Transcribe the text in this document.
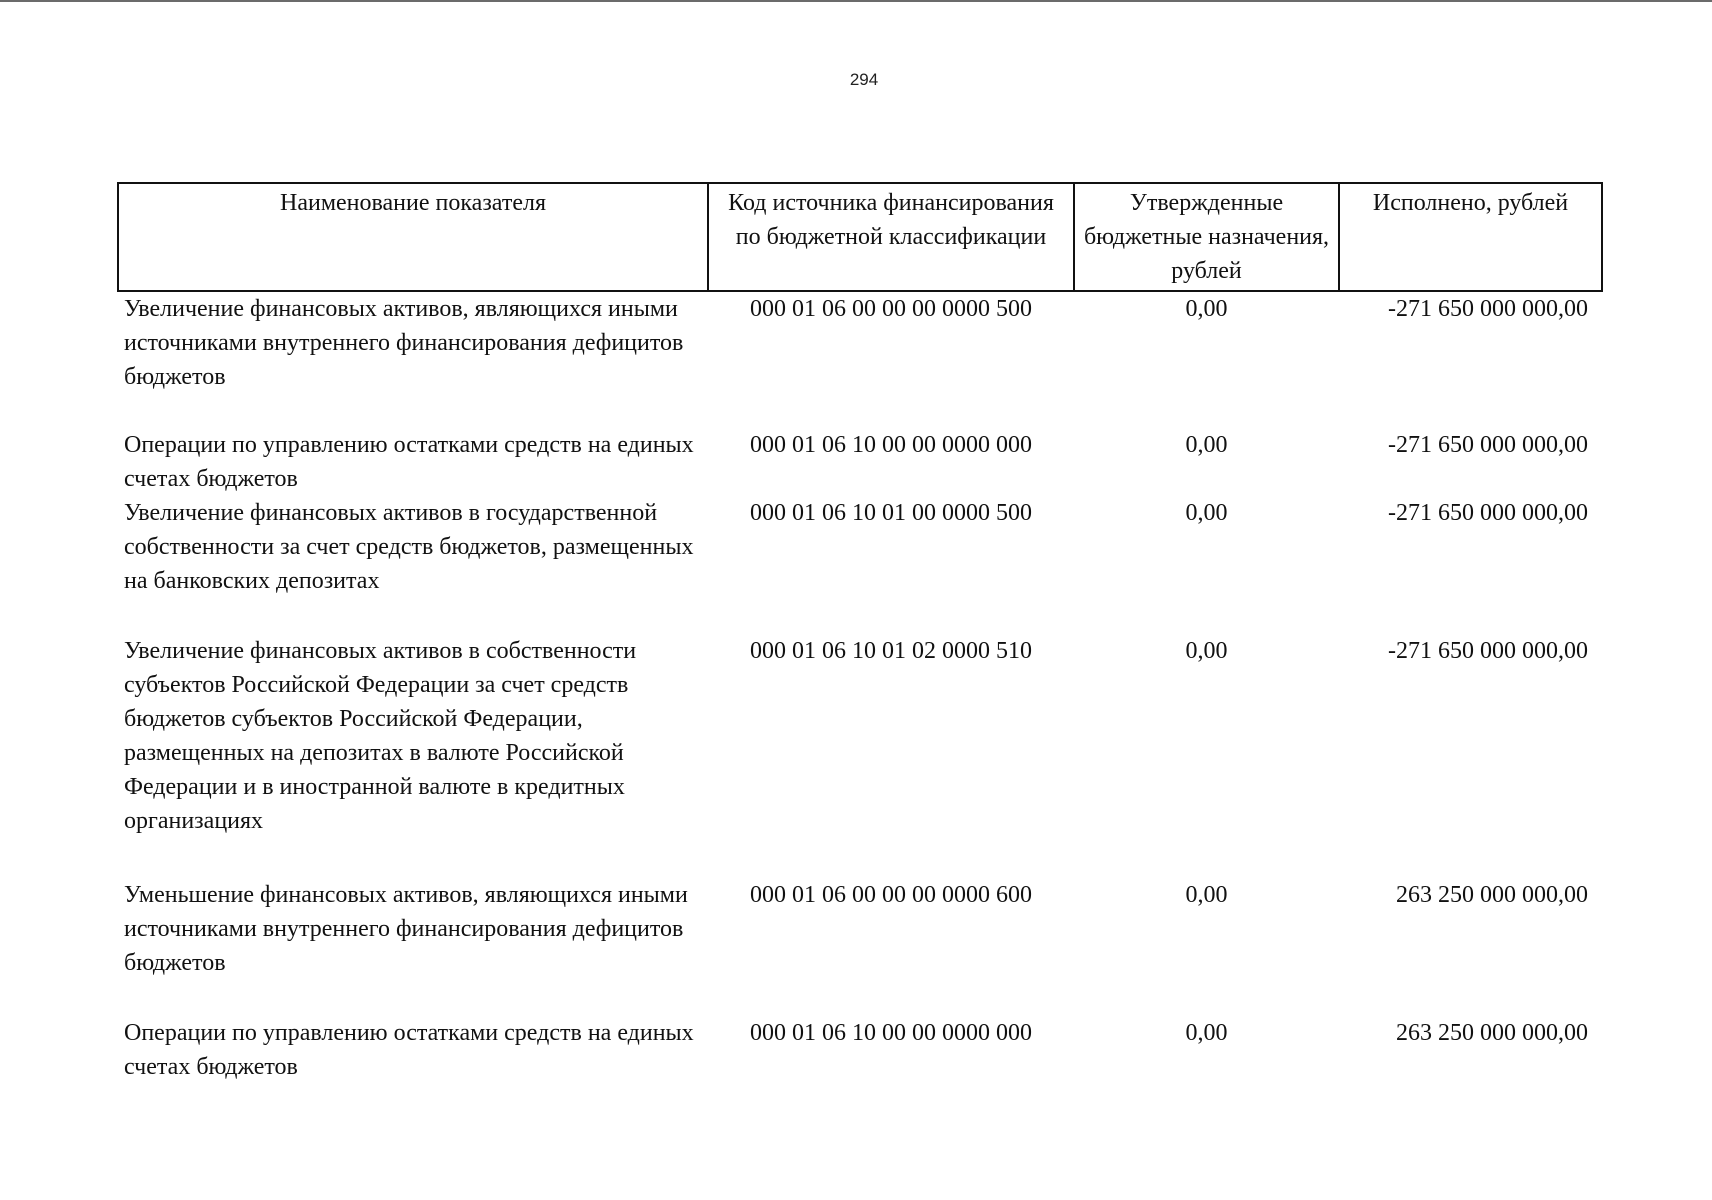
294
Наименование показателя	Код источника финансирования по бюджетной классификации	Утвержденные бюджетные назначения, рублей	Исполнено, рублей
Увеличение финансовых активов, являющихся иными источниками внутреннего финансирования дефицитов бюджетов	000 01 06 00 00 00 0000 500	0,00	-271 650 000 000,00
Операции по управлению остатками средств на единых счетах бюджетов	000 01 06 10 00 00 0000 000	0,00	-271 650 000 000,00
Увеличение финансовых активов в государственной собственности за счет средств бюджетов, размещенных на банковских депозитах	000 01 06 10 01 00 0000 500	0,00	-271 650 000 000,00
Увеличение финансовых активов в собственности субъектов Российской Федерации за счет средств бюджетов субъектов Российской Федерации, размещенных на депозитах в валюте Российской Федерации и в иностранной валюте в кредитных организациях	000 01 06 10 01 02 0000 510	0,00	-271 650 000 000,00
Уменьшение финансовых активов, являющихся иными источниками внутреннего финансирования дефицитов бюджетов	000 01 06 00 00 00 0000 600	0,00	263 250 000 000,00
Операции по управлению остатками средств на единых счетах бюджетов	000 01 06 10 00 00 0000 000	0,00	263 250 000 000,00
